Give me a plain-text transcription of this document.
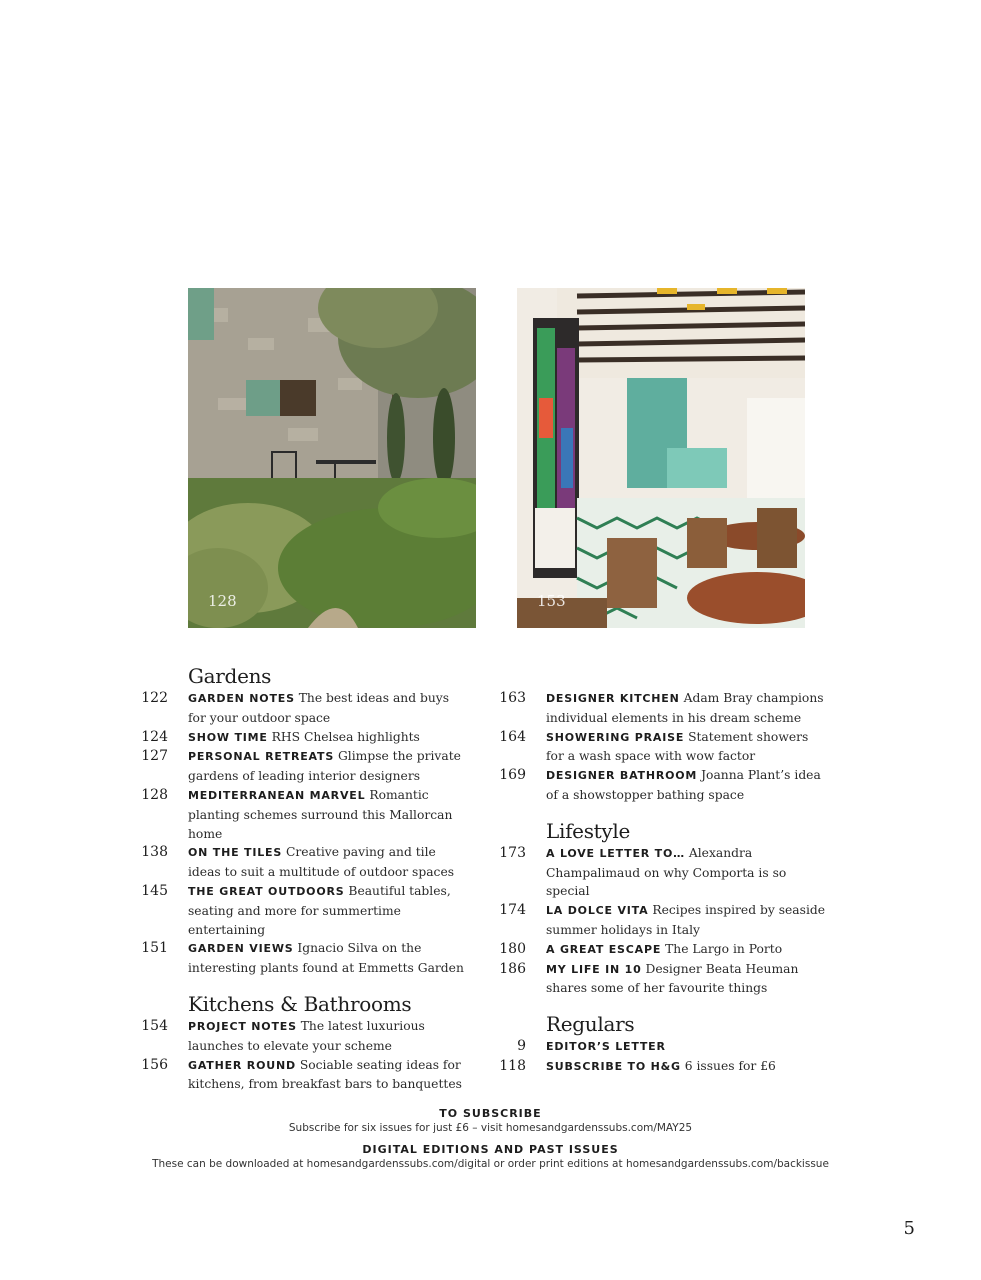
128	153
Gardens
122 GARDEN NOTES The best ideas and buys for your outdoor space
124 SHOW TIME RHS Chelsea highlights
127 PERSONAL RETREATS Glimpse the private gardens of leading interior designers
128 MEDITERRANEAN MARVEL Romantic planting schemes surround this Mallorcan home
138 ON THE TILES Creative paving and tile ideas to suit a multitude of outdoor spaces
145 THE GREAT OUTDOORS Beautiful tables, seating and more for summertime entertaining
151 GARDEN VIEWS Ignacio Silva on the interesting plants found at Emmetts Garden
Kitchens & Bathrooms
154 PROJECT NOTES The latest luxurious launches to elevate your scheme
156 GATHER ROUND Sociable seating ideas for kitchens, from breakfast bars to banquettes
163 DESIGNER KITCHEN Adam Bray champions individual elements in his dream scheme
164 SHOWERING PRAISE Statement showers for a wash space with wow factor
169 DESIGNER BATHROOM Joanna Plant’s idea of a showstopper bathing space
Lifestyle
173 A LOVE LETTER TO… Alexandra Champalimaud on why Comporta is so special
174 LA DOLCE VITA Recipes inspired by seaside summer holidays in Italy
180 A GREAT ESCAPE The Largo in Porto
186 MY LIFE IN 10 Designer Beata Heuman shares some of her favourite things
Regulars
9 EDITOR’S LETTER
118 SUBSCRIBE TO H&G 6 issues for £6
TO SUBSCRIBE
Subscribe for six issues for just £6 – visit homesandgardenssubs.com/MAY25
DIGITAL EDITIONS AND PAST ISSUES
These can be downloaded at homesandgardenssubs.com/digital or order print editions at homesandgardenssubs.com/backissue
5
